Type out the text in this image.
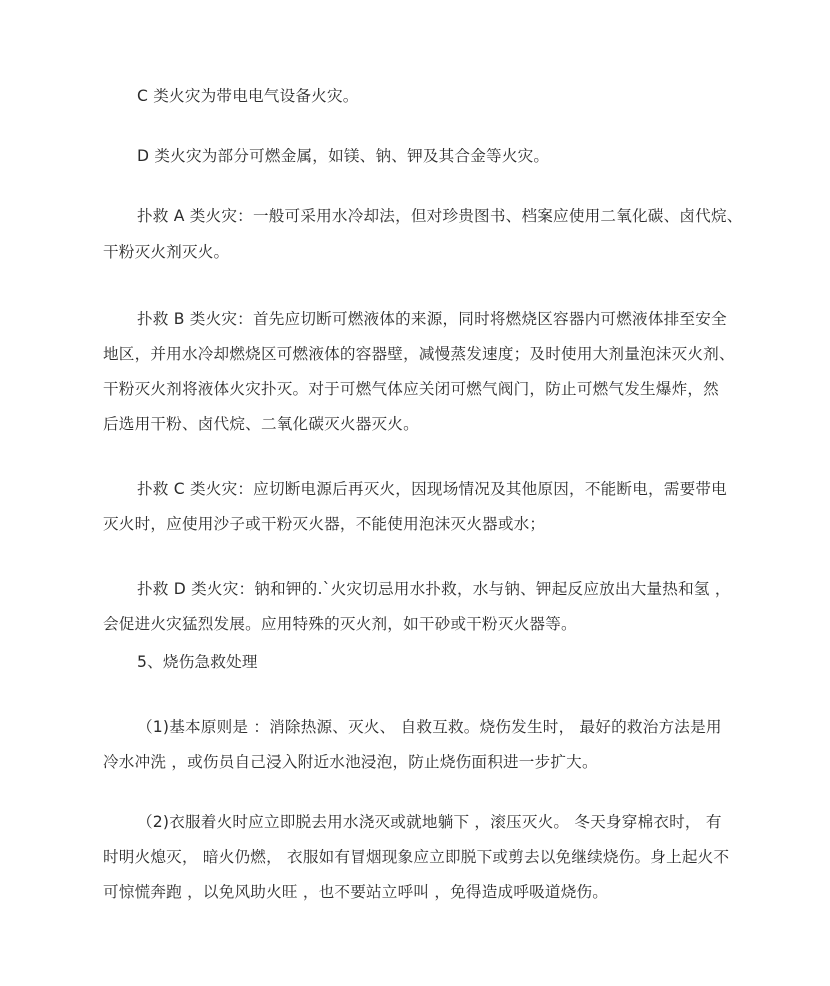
C 类火灾为带电电气设备火灾。
D 类火灾为部分可燃金属，如镁、钠、钾及其合金等火灾。
扑救 A 类火灾：一般可采用水冷却法，但对珍贵图书、档案应使用二氧化碳、卤代烷、
干粉灭火剂灭火。
扑救 B 类火灾：首先应切断可燃液体的来源，同时将燃烧区容器内可燃液体排至安全
地区，并用水冷却燃烧区可燃液体的容器壁，减慢蒸发速度；及时使用大剂量泡沫灭火剂、
干粉灭火剂将液体火灾扑灭。对于可燃气体应关闭可燃气阀门，防止可燃气发生爆炸，然
后选用干粉、卤代烷、二氧化碳灭火器灭火。
扑救 C 类火灾：应切断电源后再灭火，因现场情况及其他原因，不能断电，需要带电
灭火时，应使用沙子或干粉灭火器，不能使用泡沫灭火器或水；
扑救 D 类火灾：钠和钾的.`火灾切忌用水扑救，水与钠、钾起反应放出大量热和氢 ，
会促进火灾猛烈发展。应用特殊的灭火剂，如干砂或干粉灭火器等。
5、烧伤急救处理
（1)基本原则是 ：消除热源、灭火、 自救互救。烧伤发生时， 最好的救治方法是用
冷水冲洗 ，或伤员自己浸入附近水池浸泡，防止烧伤面积进一步扩大。
（2)衣服着火时应立即脱去用水浇灭或就地躺下 ，滚压灭火。 冬天身穿棉衣时， 有
时明火熄灭， 暗火仍燃， 衣服如有冒烟现象应立即脱下或剪去以免继续烧伤。身上起火不
可惊慌奔跑 ，以免风助火旺 ，也不要站立呼叫 ，免得造成呼吸道烧伤。
